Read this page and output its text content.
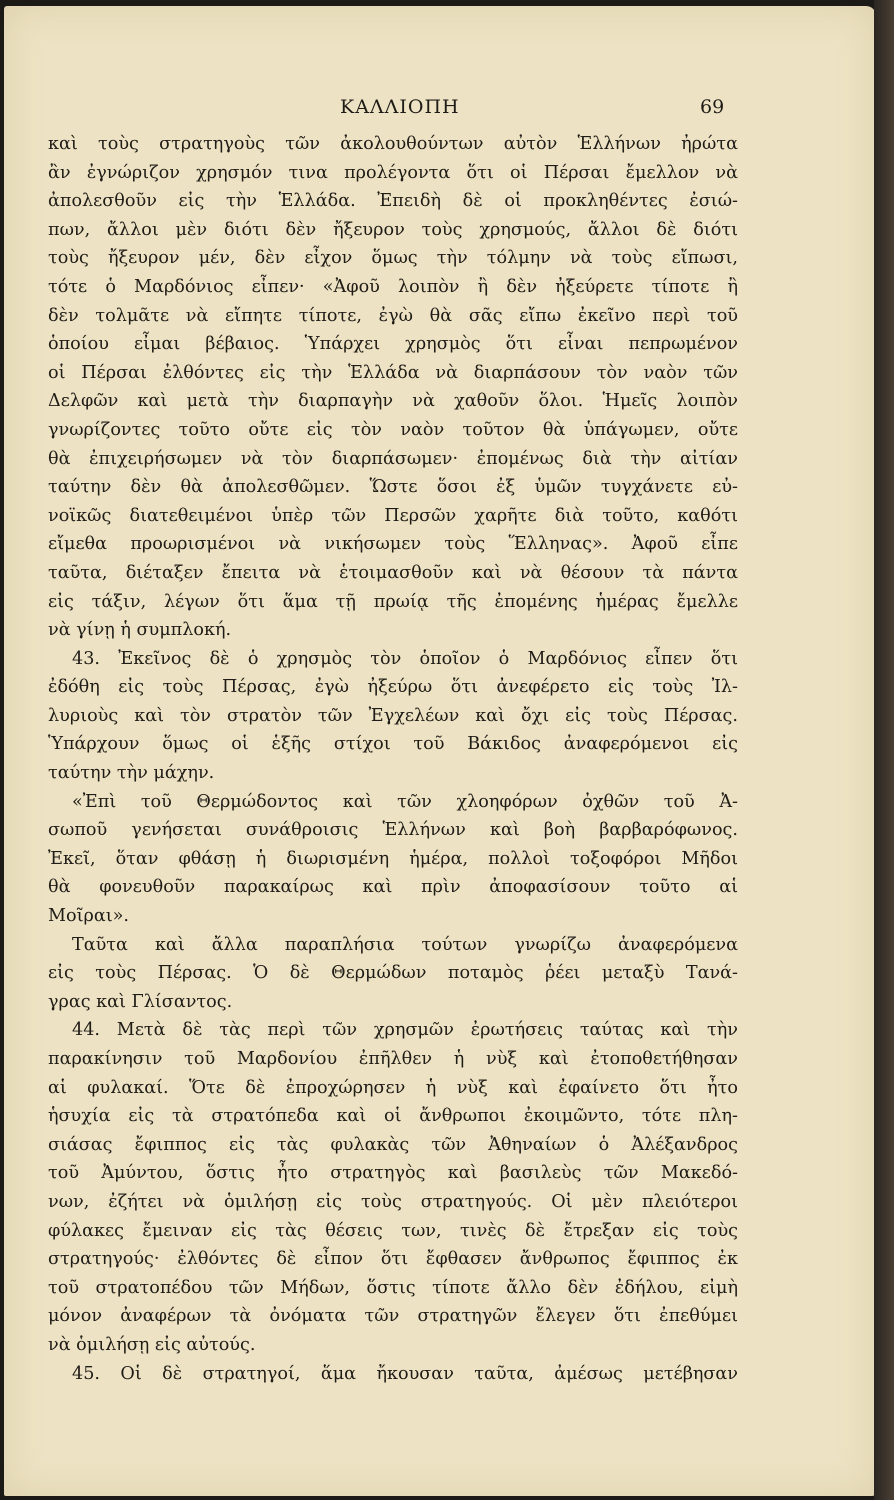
ΚΑΛΛΙΟΠΗ	69
καὶ τοὺς στρατηγοὺς τῶν ἀκολουθούντων αὐτὸν Ἑλλήνων ἠρώτα
ἂν ἐγνώριζον χρησμόν τινα προλέγοντα ὅτι οἱ Πέρσαι ἔμελλον νὰ
ἀπολεσθοῦν εἰς τὴν Ἑλλάδα. Ἐπειδὴ δὲ οἱ προκληθέντες ἐσιώ-
πων, ἄλλοι μὲν διότι δὲν ἤξευρον τοὺς χρησμούς, ἄλλοι δὲ διότι
τοὺς ἤξευρον μέν, δὲν εἶχον ὅμως τὴν τόλμην νὰ τοὺς εἴπωσι,
τότε ὁ Μαρδόνιος εἶπεν· «Ἀφοῦ λοιπὸν ἢ δὲν ἠξεύρετε τίποτε ἢ
δὲν τολμᾶτε νὰ εἴπητε τίποτε, ἐγὼ θὰ σᾶς εἴπω ἐκεῖνο περὶ τοῦ
ὁποίου εἶμαι βέβαιος. Ὑπάρχει χρησμὸς ὅτι εἶναι πεπρωμένον
οἱ Πέρσαι ἐλθόντες εἰς τὴν Ἑλλάδα νὰ διαρπάσουν τὸν ναὸν τῶν
Δελφῶν καὶ μετὰ τὴν διαρπαγὴν νὰ χαθοῦν ὅλοι. Ἡμεῖς λοιπὸν
γνωρίζοντες τοῦτο οὔτε εἰς τὸν ναὸν τοῦτον θὰ ὑπάγωμεν, οὔτε
θὰ ἐπιχειρήσωμεν νὰ τὸν διαρπάσωμεν· ἐπομένως διὰ τὴν αἰτίαν
ταύτην δὲν θὰ ἀπολεσθῶμεν. Ὥστε ὅσοι ἐξ ὑμῶν τυγχάνετε εὐ-
νοϊκῶς διατεθειμένοι ὑπὲρ τῶν Περσῶν χαρῆτε διὰ τοῦτο, καθότι
εἴμεθα προωρισμένοι νὰ νικήσωμεν τοὺς Ἕλληνας». Ἀφοῦ εἶπε
ταῦτα, διέταξεν ἔπειτα νὰ ἑτοιμασθοῦν καὶ νὰ θέσουν τὰ πάντα
εἰς τάξιν, λέγων ὅτι ἅμα τῇ πρωίᾳ τῆς ἐπομένης ἡμέρας ἔμελλε
νὰ γίνῃ ἡ συμπλοκή.
43. Ἐκεῖνος δὲ ὁ χρησμὸς τὸν ὁποῖον ὁ Μαρδόνιος εἶπεν ὅτι
ἐδόθη εἰς τοὺς Πέρσας, ἐγὼ ἠξεύρω ὅτι ἀνεφέρετο εἰς τοὺς Ἰλ-
λυριοὺς καὶ τὸν στρατὸν τῶν Ἐγχελέων καὶ ὄχι εἰς τοὺς Πέρσας.
Ὑπάρχουν ὅμως οἱ ἑξῆς στίχοι τοῦ Βάκιδος ἀναφερόμενοι εἰς
ταύτην τὴν μάχην.
«Ἐπὶ τοῦ Θερμώδοντος καὶ τῶν χλοηφόρων ὀχθῶν τοῦ Ἀ-
σωποῦ γενήσεται συνάθροισις Ἑλλήνων καὶ βοὴ βαρβαρόφωνος.
Ἐκεῖ, ὅταν φθάσῃ ἡ διωρισμένη ἡμέρα, πολλοὶ τοξοφόροι Μῆδοι
θὰ φονευθοῦν παρακαίρως καὶ πρὶν ἀποφασίσουν τοῦτο αἱ
Μοῖραι».
Ταῦτα καὶ ἄλλα παραπλήσια τούτων γνωρίζω ἀναφερόμενα
εἰς τοὺς Πέρσας. Ὁ δὲ Θερμώδων ποταμὸς ῥέει μεταξὺ Τανά-
γρας καὶ Γλίσαντος.
44. Μετὰ δὲ τὰς περὶ τῶν χρησμῶν ἐρωτήσεις ταύτας καὶ τὴν
παρακίνησιν τοῦ Μαρδονίου ἐπῆλθεν ἡ νὺξ καὶ ἐτοποθετήθησαν
αἱ φυλακαί. Ὅτε δὲ ἐπροχώρησεν ἡ νὺξ καὶ ἐφαίνετο ὅτι ἦτο
ἡσυχία εἰς τὰ στρατόπεδα καὶ οἱ ἄνθρωποι ἐκοιμῶντο, τότε πλη-
σιάσας ἔφιππος εἰς τὰς φυλακὰς τῶν Ἀθηναίων ὁ Ἀλέξανδρος
τοῦ Ἀμύντου, ὅστις ἦτο στρατηγὸς καὶ βασιλεὺς τῶν Μακεδό-
νων, ἐζήτει νὰ ὁμιλήσῃ εἰς τοὺς στρατηγούς. Οἱ μὲν πλειότεροι
φύλακες ἔμειναν εἰς τὰς θέσεις των, τινὲς δὲ ἔτρεξαν εἰς τοὺς
στρατηγούς· ἐλθόντες δὲ εἶπον ὅτι ἔφθασεν ἄνθρωπος ἔφιππος ἐκ
τοῦ στρατοπέδου τῶν Μήδων, ὅστις τίποτε ἄλλο δὲν ἐδήλου, εἰμὴ
μόνον ἀναφέρων τὰ ὀνόματα τῶν στρατηγῶν ἔλεγεν ὅτι ἐπεθύμει
νὰ ὁμιλήσῃ εἰς αὐτούς.
45. Οἱ δὲ στρατηγοί, ἅμα ἤκουσαν ταῦτα, ἀμέσως μετέβησαν
